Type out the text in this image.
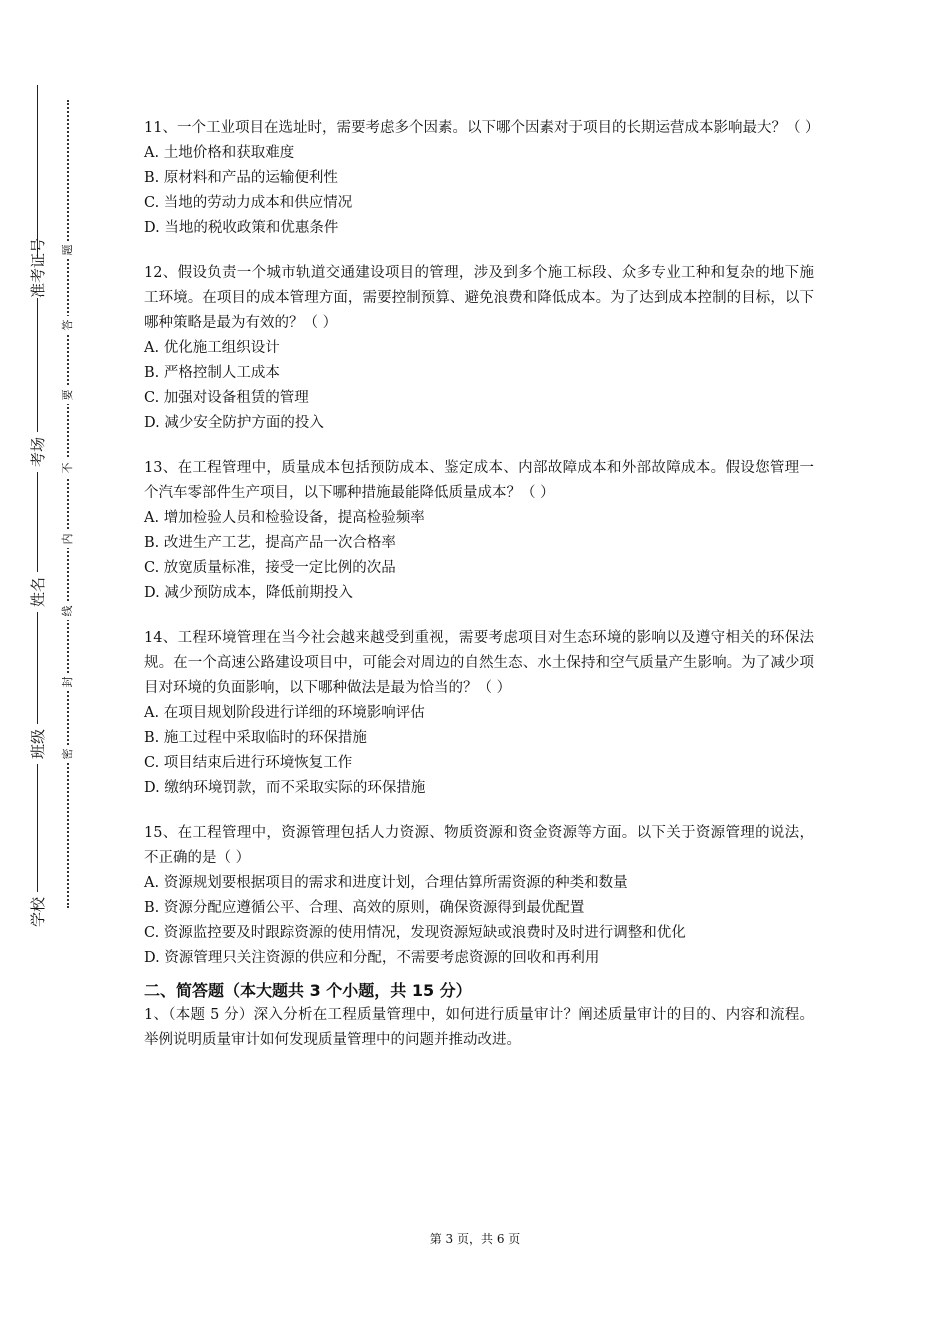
准考证号
考场
姓名
班级
学校
题
答
要
不
内
线
封
密

11、一个工业项目在选址时，需要考虑多个因素。以下哪个因素对于项目的长期运营成本影响最大？（ ）

A. 土地价格和获取难度

B. 原材料和产品的运输便利性

C. 当地的劳动力成本和供应情况

D. 当地的税收政策和优惠条件

12、假设负责一个城市轨道交通建设项目的管理，涉及到多个施工标段、众多专业工种和复杂的地下施工环境。在项目的成本管理方面，需要控制预算、避免浪费和降低成本。为了达到成本控制的目标，以下哪种策略是最为有效的？（ ）

A. 优化施工组织设计

B. 严格控制人工成本

C. 加强对设备租赁的管理

D. 减少安全防护方面的投入

13、在工程管理中，质量成本包括预防成本、鉴定成本、内部故障成本和外部故障成本。假设您管理一个汽车零部件生产项目，以下哪种措施最能降低质量成本？（ ）

A. 增加检验人员和检验设备，提高检验频率

B. 改进生产工艺，提高产品一次合格率

C. 放宽质量标准，接受一定比例的次品

D. 减少预防成本，降低前期投入

14、工程环境管理在当今社会越来越受到重视，需要考虑项目对生态环境的影响以及遵守相关的环保法规。在一个高速公路建设项目中，可能会对周边的自然生态、水土保持和空气质量产生影响。为了减少项目对环境的负面影响，以下哪种做法是最为恰当的？（ ）

A. 在项目规划阶段进行详细的环境影响评估

B. 施工过程中采取临时的环保措施

C. 项目结束后进行环境恢复工作

D. 缴纳环境罚款，而不采取实际的环保措施

15、在工程管理中，资源管理包括人力资源、物质资源和资金资源等方面。以下关于资源管理的说法，不正确的是（ ）

A. 资源规划要根据项目的需求和进度计划，合理估算所需资源的种类和数量

B. 资源分配应遵循公平、合理、高效的原则，确保资源得到最优配置

C. 资源监控要及时跟踪资源的使用情况，发现资源短缺或浪费时及时进行调整和优化

D. 资源管理只关注资源的供应和分配，不需要考虑资源的回收和再利用

二、简答题（本大题共 3 个小题，共 15 分）

1、（本题 5 分）深入分析在工程质量管理中，如何进行质量审计？阐述质量审计的目的、内容和流程。举例说明质量审计如何发现质量管理中的问题并推动改进。

第 3 页，共 6 页
